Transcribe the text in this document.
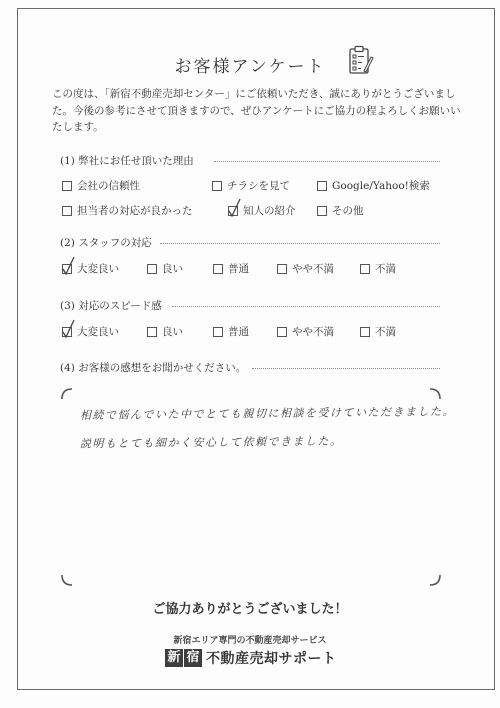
お客様アンケート
この度は、「新宿不動産売却センター」にご依頼いただき、誠にありがとうございました。今後の参考にさせて頂きますので、ぜひアンケートにご協力の程よろしくお願いいたします。
(1) 弊社にお任せ頂いた理由
会社の信頼性	チラシを見て	Google/Yahoo!検索
担当者の対応が良かった	知人の紹介	その他
(2) スタッフの対応
大変良い	良い	普通	やや不満	不満
(3) 対応のスピード感
大変良い	良い	普通	やや不満	不満
(4) お客様の感想をお聞かせください。
相続で悩んでいた中でとても親切に相談を受けていただきました。
説明もとても細かく安心して依頼できました。
ご協力ありがとうございました！
新宿エリア専門の不動産売却サービス
新 宿 不動産売却サポート
